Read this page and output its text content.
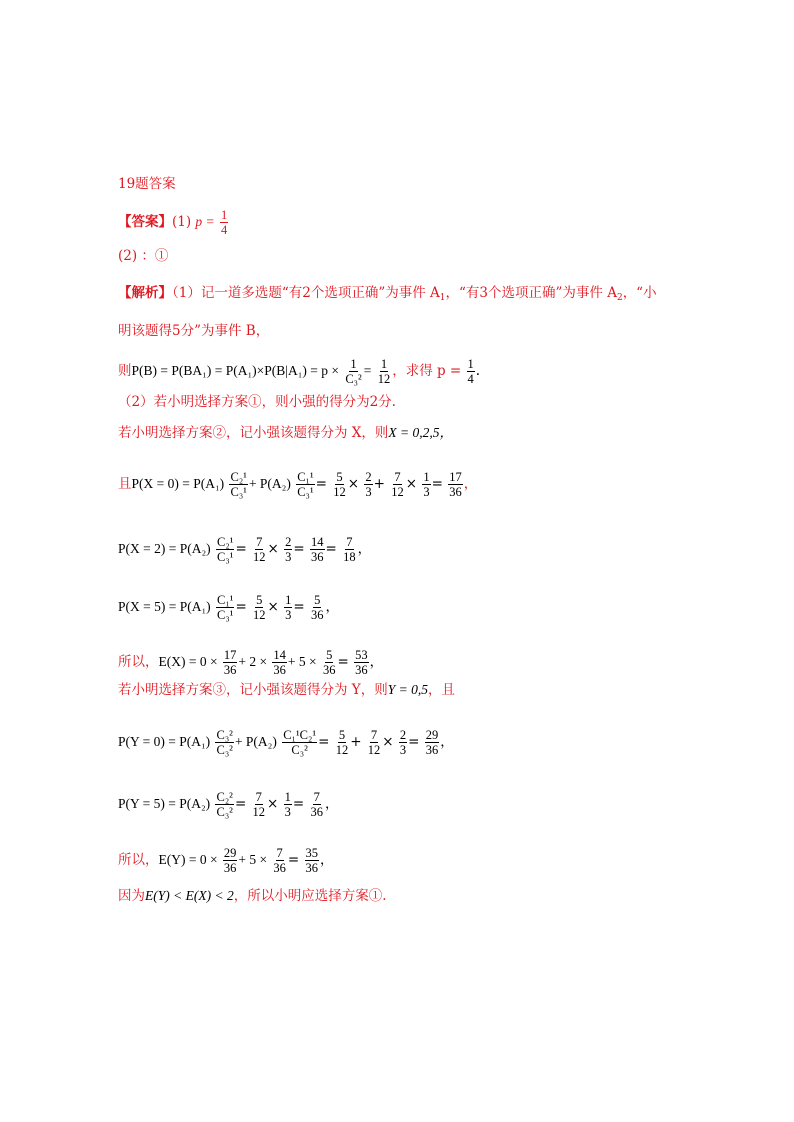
19题答案
【答案】(1) $p = \frac{1}{4}$
(2) ：①
【解析】（1）记一道多选题“有2个选项正确”为事件 $A_1$，“有3个选项正确”为事件 $A_2$，“小
明该题得5分”为事件 B，
则$P(B) = P(BA_1) = P(A_1)\times P(B|A_1) = p \times \frac{1}{\text{C₃²}} = \frac{1}{12}$ ，求得 $p = \frac{1}{4}$ .
（2）若小明选择方案①，则小强的得分为2分.
若小明选择方案②，记小强该题得分为 X，则X = 0,2,5，
且$P(X = 0) = P(A_1) \frac{\text{C₂¹}}{\text{C₃¹}} + P(A_2) \frac{\text{C₁¹}}{\text{C₃¹}} = \frac{5}{12} \times \frac{2}{3} + \frac{7}{12} \times \frac{1}{3} = \frac{17}{36}$ ，
$P(X = 2) = P(A_2) \frac{\text{C₂¹}}{\text{C₃¹}} = \frac{7}{12} \times \frac{2}{3} = \frac{14}{36} = \frac{7}{18}$ ，
$P(X = 5) = P(A_1) \frac{\text{C₁¹}}{\text{C₃¹}} = \frac{5}{12} \times \frac{1}{3} = \frac{5}{36}$ ，
所以，$E(X) = 0 \times \frac{17}{36} + 2 \times \frac{14}{36} + 5 \times \frac{5}{36} = \frac{53}{36}$ ，
若小明选择方案③，记小强该题得分为 Y，则Y = 0,5，且
$P(Y = 0) = P(A_1) \frac{\text{C₃²}}{\text{C₃²}} + P(A_2) \frac{\text{C₁¹C₂¹}}{\text{C₃²}} = \frac{5}{12} + \frac{7}{12} \times \frac{2}{3} = \frac{29}{36}$ ，
$P(Y = 5) = P(A_2) \frac{\text{C₂²}}{\text{C₃²}} = \frac{7}{12} \times \frac{1}{3} = \frac{7}{36}$ ，
所以，$E(Y) = 0 \times \frac{29}{36} + 5 \times \frac{7}{36} = \frac{35}{36}$ ，
因为E(Y) < E(X) < 2，所以小明应选择方案①.
